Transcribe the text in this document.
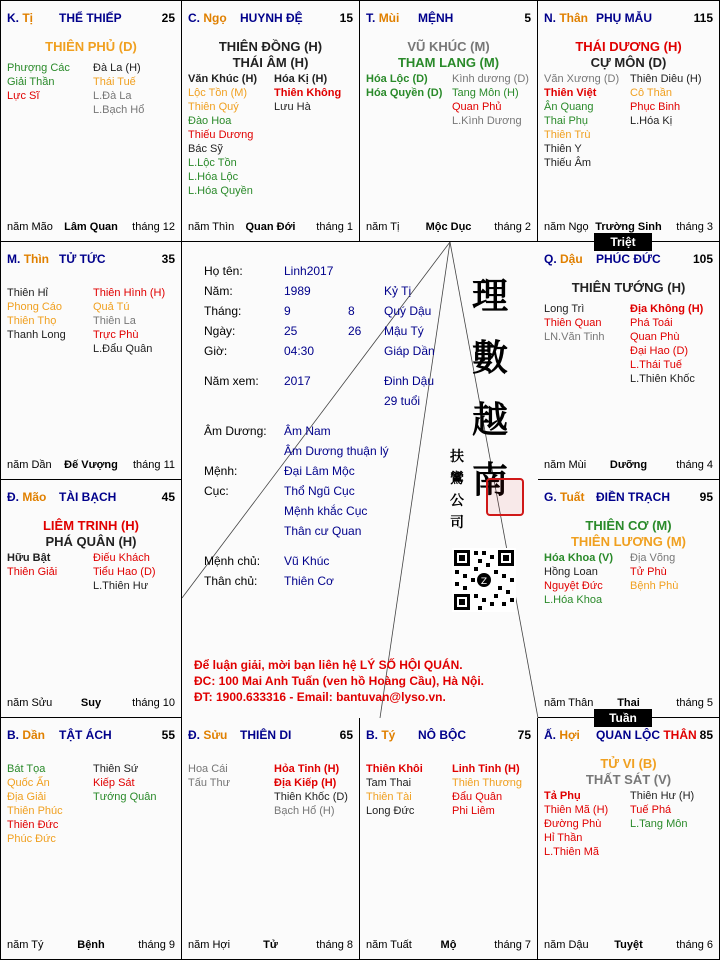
K. Tị THỂ THIẾP	25
THIÊN PHỦ (D)
Phượng Các
Giải Thần
Lực Sĩ
Đà La (H)
Thái Tuế
L.Đà La
L.Bạch Hổ
năm Mão	Lâm Quan	tháng 12
C. Ngọ HUYNH ĐỆ	15
THIÊN ĐỒNG (H)
THÁI ÂM (H)
Văn Khúc (H)
Lộc Tồn (M)
Thiên Quý
Đào Hoa
Thiếu Dương
Bác Sỹ
L.Lộc Tồn
L.Hóa Lộc
L.Hóa Quyền
Hóa Kị (H)
Thiên Không
Lưu Hà
năm Thìn	Quan Đới	tháng 1
T. Mùi MỆNH	5
VŨ KHÚC (M)
THAM LANG (M)
Hóa Lộc (D)
Hóa Quyền (D)
Kình dương (D)
Tang Môn (H)
Quan Phủ
L.Kình Dương
năm Tị	Mộc Dục	tháng 2
N. Thân PHỤ MẪU	115
THÁI DƯƠNG (H)
CỰ MÔN (D)
Văn Xương (D)
Thiên Việt
Ân Quang
Thai Phụ
Thiên Trù
Thiên Y
Thiếu Âm
Thiên Diêu (H)
Cô Thần
Phục Binh
L.Hóa Kị
năm Ngọ Trường Sinh	tháng 3
M. Thìn TỬ TỨC	35
Thiên Hỉ
Phong Cáo
Thiên Thọ
Thanh Long
Thiên Hình (H)
Quả Tú
Thiên La
Trực Phù
L.Đẩu Quân
năm Dần	Đế Vượng	tháng 11
Q. Dậu PHÚC ĐỨC	105
THIÊN TƯỚNG (H)
Long Trì
Thiên Quan
LN.Văn Tinh
Địa Không (H)
Phá Toái
Quan Phù
Đại Hao (D)
L.Thái Tuế
L.Thiên Khốc
năm Mùi	Dưỡng	tháng 4
Đ. Mão TÀI BẠCH	45
LIÊM TRINH (H)
PHÁ QUÂN (H)
Hữu Bật
Thiên Giải
Điếu Khách
Tiểu Hao (D)
L.Thiên Hư
năm Sửu	Suy	tháng 10
G. Tuất ĐIỀN TRẠCH 95
THIÊN CƠ (M)
THIÊN LƯƠNG (M)
Hóa Khoa (V)
Hồng Loan
Nguyệt Đức
L.Hóa Khoa
Địa Võng
Tử Phù
Bệnh Phù
năm Thân	Thai	tháng 5
B. Dần TẬT ÁCH	55
Bát Tọa
Quốc Ấn
Địa Giải
Thiên Phúc
Thiên Đức
Phúc Đức
Thiên Sứ
Kiếp Sát
Tướng Quân
năm Tý	Bệnh	tháng 9
Đ. Sửu THIÊN DI	65
Hoa Cái
Tấu Thư
Hỏa Tinh (H)
Địa Kiếp (H)
Thiên Khốc (D)
Bạch Hổ (H)
năm Hợi	Tử	tháng 8
B. Tý NÔ BỘC	75
Thiên Khôi
Tam Thai
Thiên Tài
Long Đức
Linh Tinh (H)
Thiên Thương
Đẩu Quân
Phi Liêm
năm Tuất	Mộ	tháng 7
Ấ. Hợi QUAN LỘC THÂN 85
TỬ VI (B)
THẤT SÁT (V)
Tả Phụ
Thiên Mã (H)
Đường Phù
Hỉ Thần
L.Thiên Mã
Thiên Hư (H)
Tuế Phá
L.Tang Môn
năm Dậu	Tuyệt	tháng 6
Họ tên:	Linh2017
Năm:	1989	Kỷ Tị
Tháng:	9	8 Quý Dậu
Ngày:	25	26 Mậu Tý
Giờ:	04:30	Giáp Dần
Năm xem: 2017	Đinh Dậu
29 tuổi
Âm Dương: Âm Nam
Âm Dương thuận lý
Mệnh:	Đại Lâm Mộc
Cục:	Thổ Ngũ Cục
Mệnh khắc Cục
Thân cư Quan
Mệnh chủ: Vũ Khúc
Thân chủ: Thiên Cơ
理
數
越
南
扶
鸞
公
司
Z
Để luận giải, mời bạn liên hệ LÝ SỐ HỘI QUÁN.
ĐC: 100 Mai Anh Tuấn (ven hồ Hoàng Cầu), Hà Nội.
ĐT: 1900.633316 - Email: bantuvan@lyso.vn.
Triệt
Tuần
